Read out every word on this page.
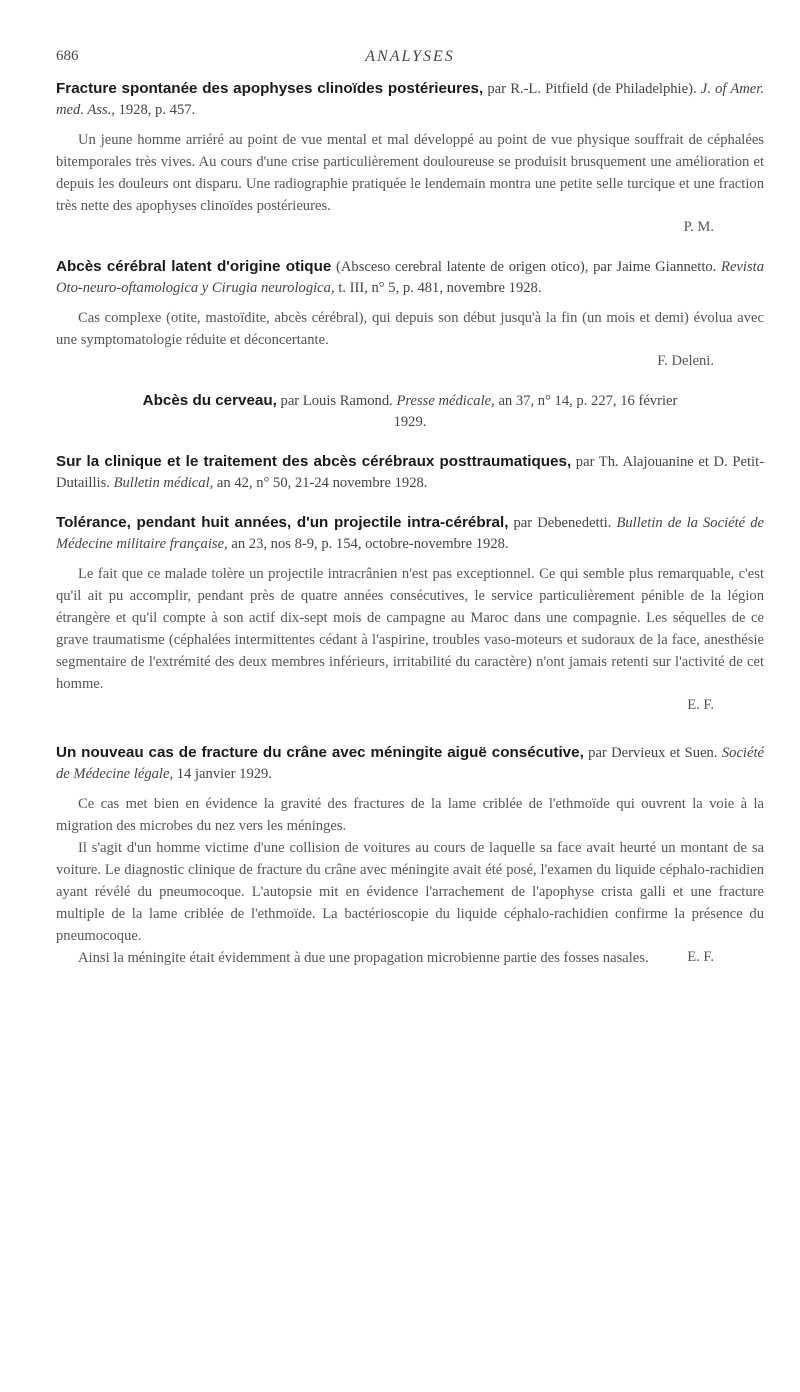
686	ANALYSES

Fracture spontanée des apophyses clinoïdes postérieures, par R.-L. Pitfield (de Philadelphie). J. of Amer. med. Ass., 1928, p. 457.

Un jeune homme arriéré au point de vue mental et mal développé au point de vue physique souffrait de céphalées bitemporales très vives. Au cours d'une crise particulièrement douloureuse se produisit brusquement une amélioration et depuis les douleurs ont disparu. Une radiographie pratiquée le lendemain montra une petite selle turcique et une fraction très nette des apophyses clinoïdes postérieures.

P. M.

Abcès cérébral latent d'origine otique (Absceso cerebral latente de origen otico), par Jaime Giannetto. Revista Oto-neuro-oftamologica y Cirugia neurologica, t. III, n° 5, p. 481, novembre 1928.

Cas complexe (otite, mastoïdite, abcès cérébral), qui depuis son début jusqu'à la fin (un mois et demi) évolua avec une symptomatologie réduite et déconcertante.

F. Deleni.

Abcès du cerveau, par Louis Ramond. Presse médicale, an 37, n° 14, p. 227, 16 février 1929.

Sur la clinique et le traitement des abcès cérébraux posttraumatiques, par Th. Alajouanine et D. Petit-Dutaillis. Bulletin médical, an 42, n° 50, 21-24 novembre 1928.

Tolérance, pendant huit années, d'un projectile intra-cérébral, par Debenedetti. Bulletin de la Société de Médecine militaire française, an 23, nos 8-9, p. 154, octobre-novembre 1928.

Le fait que ce malade tolère un projectile intracrânien n'est pas exceptionnel. Ce qui semble plus remarquable, c'est qu'il ait pu accomplir, pendant près de quatre années consécutives, le service particulièrement pénible de la légion étrangère et qu'il compte à son actif dix-sept mois de campagne au Maroc dans une compagnie. Les séquelles de ce grave traumatisme (céphalées intermittentes cédant à l'aspirine, troubles vaso-moteurs et sudoraux de la face, anesthésie segmentaire de l'extrémité des deux membres inférieurs, irritabilité du caractère) n'ont jamais retenti sur l'activité de cet homme.

E. F.

Un nouveau cas de fracture du crâne avec méningite aiguë consécutive, par Dervieux et Suen. Société de Médecine légale, 14 janvier 1929.

Ce cas met bien en évidence la gravité des fractures de la lame criblée de l'ethmoïde qui ouvrent la voie à la migration des microbes du nez vers les méninges.

Il s'agit d'un homme victime d'une collision de voitures au cours de laquelle sa face avait heurté un montant de sa voiture. Le diagnostic clinique de fracture du crâne avec méningite avait été posé, l'examen du liquide céphalo-rachidien ayant révélé du pneumocoque. L'autopsie mit en évidence l'arrachement de l'apophyse crista galli et une fracture multiple de la lame criblée de l'ethmoïde. La bactérioscopie du liquide céphalo-rachidien confirme la présence du pneumocoque.

Ainsi la méningite était évidemment à due une propagation microbienne partie des fosses nasales.	E. F.
